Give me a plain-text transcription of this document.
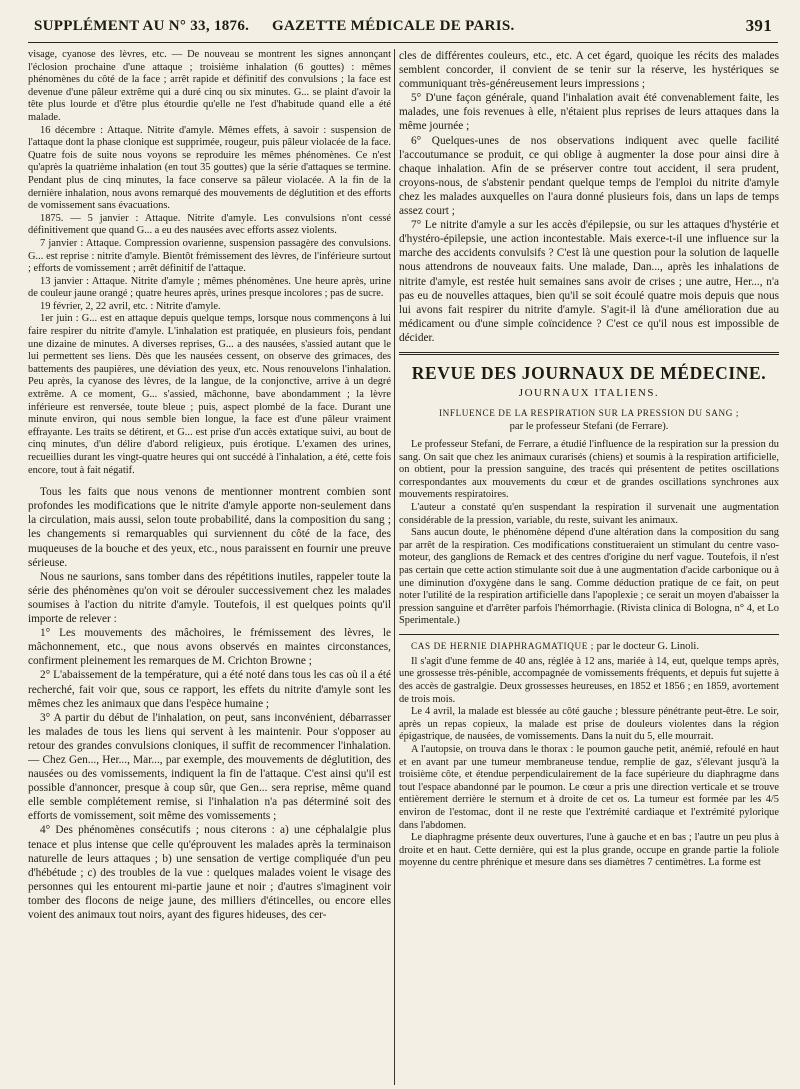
SUPPLÉMENT AU N° 33, 1876. GAZETTE MÉDICALE DE PARIS.	391

visage, cyanose des lèvres, etc. — De nouveau se montrent les signes annonçant l'éclosion prochaine d'une attaque ; troisième inhalation (6 gouttes) : mêmes phénomènes du côté de la face ; arrêt rapide et définitif des convulsions ; la face est devenue d'une pâleur extrême qui a duré cinq ou six minutes. G... se plaint d'avoir la tête plus lourde et d'être plus étourdie qu'elle ne l'est d'habitude quand elle a été malade.

16 décembre : Attaque. Nitrite d'amyle. Mêmes effets, à savoir : suspension de l'attaque dont la phase clonique est supprimée, rougeur, puis pâleur violacée de la face. Quatre fois de suite nous voyons se reproduire les mêmes phénomènes. Ce n'est qu'après la quatrième inhalation (en tout 35 gouttes) que la série d'attaques se termine. Pendant plus de cinq minutes, la face conserve sa pâleur violacée. A la fin de la dernière inhalation, nous avons remarqué des mouvements de déglutition et des efforts de vomissement sans évacuations.

1875. — 5 janvier : Attaque. Nitrite d'amyle. Les convulsions n'ont cessé définitivement que quand G... a eu des nausées avec efforts assez violents.

7 janvier : Attaque. Compression ovarienne, suspension passagère des convulsions. G... est reprise : nitrite d'amyle. Bientôt frémissement des lèvres, de l'inférieure surtout ; efforts de vomissement ; arrêt définitif de l'attaque.

13 janvier : Attaque. Nitrite d'amyle ; mêmes phénomènes. Une heure après, urine de couleur jaune orangé ; quatre heures après, urines presque incolores ; pas de sucre.

19 février, 2, 22 avril, etc. : Nitrite d'amyle.

1er juin : G... est en attaque depuis quelque temps, lorsque nous commençons à lui faire respirer du nitrite d'amyle. L'inhalation est pratiquée, en plusieurs fois, pendant une dizaine de minutes. A diverses reprises, G... a des nausées, s'assied autant que le lui permettent ses liens. Dès que les nausées cessent, on observe des grimaces, des battements des paupières, une déviation des yeux, etc. Nous renouvelons l'inhalation. Peu après, la cyanose des lèvres, de la langue, de la conjonctive, arrive à un degré extrême. A ce moment, G... s'assied, mâchonne, bave abondamment ; la lèvre inférieure est renversée, toute bleue ; puis, aspect plombé de la face. Durant une minute environ, qui nous semble bien longue, la face est d'une pâleur vraiment effrayante. Les traits se détirent, et G... est prise d'un accès extatique suivi, au bout de cinq minutes, d'un délire d'abord religieux, puis érotique. L'examen des urines, recueillies durant les vingt-quatre heures qui ont succédé à l'inhalation, a été, cette fois encore, tout à fait négatif.

Tous les faits que nous venons de mentionner montrent combien sont profondes les modifications que le nitrite d'amyle apporte non-seulement dans la circulation, mais aussi, selon toute probabilité, dans la composition du sang ; les changements si remarquables qui surviennent du côté de la face, des muqueuses de la bouche et des yeux, etc., nous paraissent en fournir une preuve sérieuse.

Nous ne saurions, sans tomber dans des répétitions inutiles, rappeler toute la série des phénomènes qu'on voit se dérouler successivement chez les malades soumises à l'action du nitrite d'amyle. Toutefois, il est quelques points qu'il importe de relever :

1° Les mouvements des mâchoires, le frémissement des lèvres, le mâchonnement, etc., que nous avons observés en maintes circonstances, confirment pleinement les remarques de M. Crichton Browne ;

2° L'abaissement de la température, qui a été noté dans tous les cas où il a été recherché, fait voir que, sous ce rapport, les effets du nitrite d'amyle sont les mêmes chez les animaux que dans l'espèce humaine ;

3° A partir du début de l'inhalation, on peut, sans inconvénient, débarrasser les malades de tous les liens qui servent à les maintenir. Pour s'opposer au retour des grandes convulsions cloniques, il suffit de recommencer l'inhalation. — Chez Gen..., Her..., Mar..., par exemple, des mouvements de déglutition, des nausées ou des vomissements, indiquent la fin de l'attaque. C'est ainsi qu'il est possible d'annoncer, presque à coup sûr, que Gen... sera reprise, même quand elle semble complétement remise, si l'inhalation n'a pas déterminé soit des efforts de vomissement, soit même des vomissements ;

4° Des phénomènes consécutifs ; nous citerons : a) une céphalalgie plus tenace et plus intense que celle qu'éprouvent les malades après la terminaison naturelle de leurs attaques ; b) une sensation de vertige compliquée d'un peu d'hébétude ; c) des troubles de la vue : quelques malades voient le visage des personnes qui les entourent mi-partie jaune et noir ; d'autres s'imaginent voir tomber des flocons de neige jaune, des milliers d'étincelles, ou encore elles voient des animaux tout noirs, ayant des figures hideuses, des cer-

cles de différentes couleurs, etc., etc. A cet égard, quoique les récits des malades semblent concorder, il convient de se tenir sur la réserve, les hystériques se communiquant très-généreusement leurs impressions ;

5° D'une façon générale, quand l'inhalation avait été convenablement faite, les malades, une fois revenues à elle, n'étaient plus reprises de leurs attaques dans la même journée ;

6° Quelques-unes de nos observations indiquent avec quelle facilité l'accoutumance se produit, ce qui oblige à augmenter la dose pour ainsi dire à chaque inhalation. Afin de se préserver contre tout accident, il sera prudent, croyons-nous, de s'abstenir pendant quelque temps de l'emploi du nitrite d'amyle chez les malades auxquelles on l'aura donné plusieurs fois, dans un laps de temps assez court ;

7° Le nitrite d'amyle a sur les accès d'épilepsie, ou sur les attaques d'hystérie et d'hystéro-épilepsie, une action incontestable. Mais exerce-t-il une influence sur la marche des accidents convulsifs ? C'est là une question pour la solution de laquelle nous attendrons de nouveaux faits. Une malade, Dan..., après les inhalations de nitrite d'amyle, est restée huit semaines sans avoir de crises ; une autre, Her..., n'a pas eu de nouvelles attaques, bien qu'il se soit écoulé quatre mois depuis que nous lui avons fait respirer du nitrite d'amyle. S'agit-il là d'une amélioration due au médicament ou d'une simple coïncidence ? C'est ce qu'il nous est impossible de décider.

REVUE DES JOURNAUX DE MÉDECINE.
JOURNAUX ITALIENS.
INFLUENCE DE LA RESPIRATION SUR LA PRESSION DU SANG ;
par le professeur Stefani (de Ferrare).

Le professeur Stefani, de Ferrare, a étudié l'influence de la respiration sur la pression du sang. On sait que chez les animaux curarisés (chiens) et soumis à la respiration artificielle, on obtient, pour la pression sanguine, des tracés qui présentent de petites oscillations correspondantes aux mouvements du cœur et de grandes oscillations synchrones aux mouvements respiratoires.

L'auteur a constaté qu'en suspendant la respiration il survenait une augmentation considérable de la pression, variable, du reste, suivant les animaux.

Sans aucun doute, le phénomène dépend d'une altération dans la composition du sang par arrêt de la respiration. Ces modifications constitueraient un stimulant du centre vaso-moteur, des ganglions de Remack et des centres d'origine du nerf vague. Toutefois, il n'est pas certain que cette action stimulante soit due à une augmentation d'acide carbonique ou à une diminution d'oxygène dans le sang. Comme déduction pratique de ce fait, on peut noter l'utilité de la respiration artificielle dans l'apoplexie ; ce serait un moyen d'abaisser la pression sanguine et d'arrêter parfois l'hémorrhagie. (Rivista clinica di Bologna, n° 4, et Lo Sperimentale.)

CAS DE HERNIE DIAPHRAGMATIQUE ; par le docteur G. Linoli.

Il s'agit d'une femme de 40 ans, réglée à 12 ans, mariée à 14, eut, quelque temps après, une grossesse très-pénible, accompagnée de vomissements fréquents, et depuis fut sujette à des accès de gastralgie. Deux grossesses heureuses, en 1852 et 1856 ; en 1859, avortement de trois mois.

Le 4 avril, la malade est blessée au côté gauche ; blessure pénétrante peut-être. Le soir, après un repas copieux, la malade est prise de douleurs violentes dans la région épigastrique, de nausées, de vomissements. Dans la nuit du 5, elle mourrait.

A l'autopsie, on trouva dans le thorax : le poumon gauche petit, anémié, refoulé en haut et en avant par une tumeur membraneuse tendue, remplie de gaz, s'élevant jusqu'à la troisième côte, et étendue perpendiculairement de la face supérieure du diaphragme dans tout l'espace abandonné par le poumon. Le cœur a pris une direction verticale et se trouve entièrement derrière le sternum et à droite de cet os. La tumeur est formée par les 4/5 environ de l'estomac, dont il ne reste que l'extrémité cardiaque et l'extrémité pylorique dans l'abdomen.

Le diaphragme présente deux ouvertures, l'une à gauche et en bas ; l'autre un peu plus à droite et en haut. Cette dernière, qui est la plus grande, occupe en grande partie la foliole moyenne du centre phrénique et mesure dans ses diamètres 7 centimètres. La forme est
